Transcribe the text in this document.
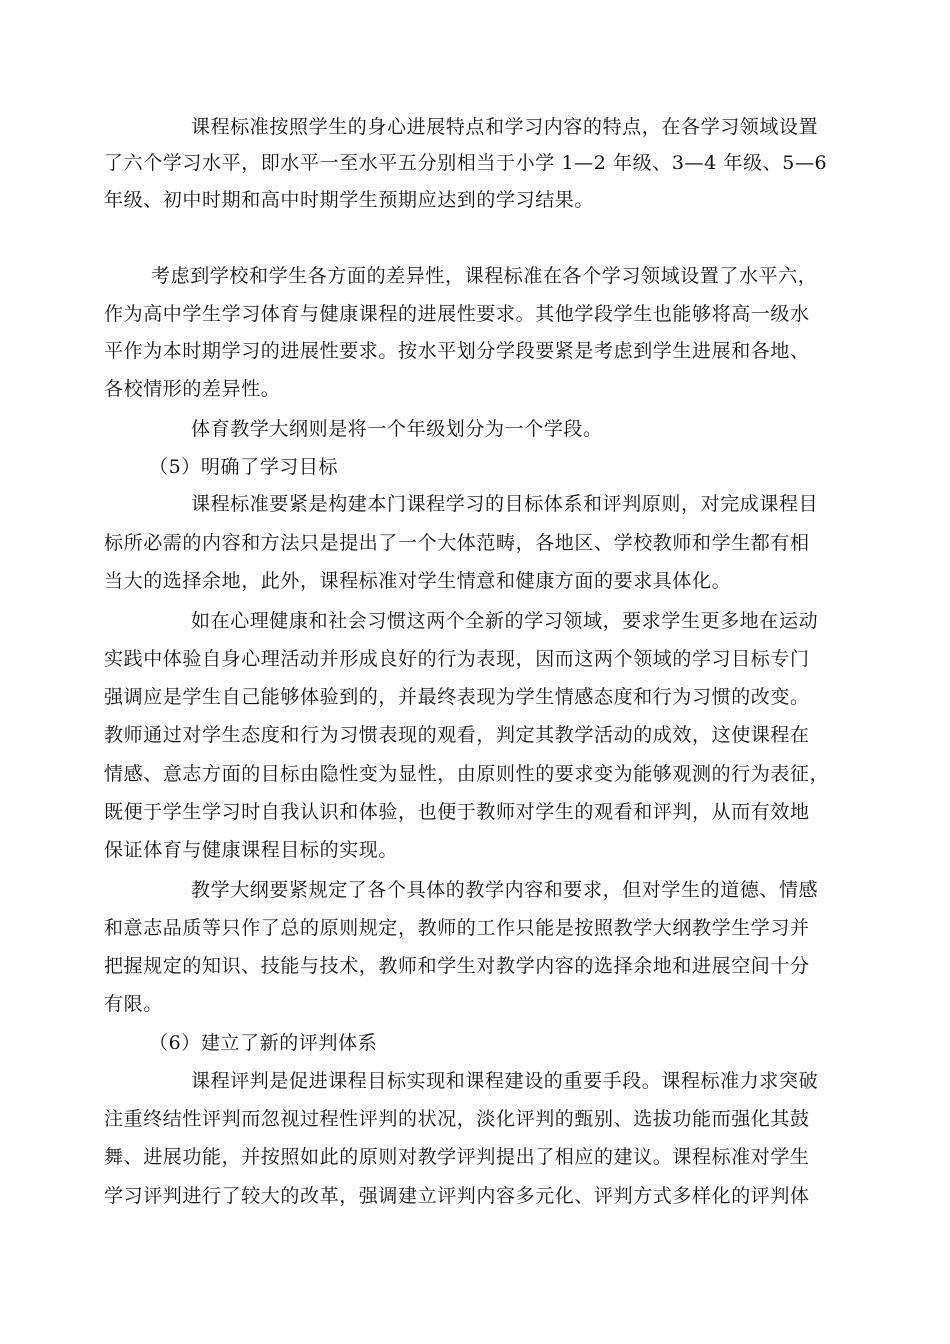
课程标准按照学生的身心进展特点和学习内容的特点，在各学习领域设置
了六个学习水平，即水平一至水平五分别相当于小学 1—2 年级、3—4 年级、5—6
年级、初中时期和高中时期学生预期应达到的学习结果。
考虑到学校和学生各方面的差异性，课程标准在各个学习领域设置了水平六，
作为高中学生学习体育与健康课程的进展性要求。其他学段学生也能够将高一级水
平作为本时期学习的进展性要求。按水平划分学段要紧是考虑到学生进展和各地、
各校情形的差异性。
体育教学大纲则是将一个年级划分为一个学段。
（5）明确了学习目标
课程标准要紧是构建本门课程学习的目标体系和评判原则，对完成课程目
标所必需的内容和方法只是提出了一个大体范畴，各地区、学校教师和学生都有相
当大的选择余地，此外，课程标准对学生情意和健康方面的要求具体化。
如在心理健康和社会习惯这两个全新的学习领域，要求学生更多地在运动
实践中体验自身心理活动并形成良好的行为表现，因而这两个领域的学习目标专门
强调应是学生自己能够体验到的，并最终表现为学生情感态度和行为习惯的改变。
教师通过对学生态度和行为习惯表现的观看，判定其教学活动的成效，这使课程在
情感、意志方面的目标由隐性变为显性，由原则性的要求变为能够观测的行为表征，
既便于学生学习时自我认识和体验，也便于教师对学生的观看和评判，从而有效地
保证体育与健康课程目标的实现。
教学大纲要紧规定了各个具体的教学内容和要求，但对学生的道德、情感
和意志品质等只作了总的原则规定，教师的工作只能是按照教学大纲教学生学习并
把握规定的知识、技能与技术，教师和学生对教学内容的选择余地和进展空间十分
有限。
（6）建立了新的评判体系
课程评判是促进课程目标实现和课程建设的重要手段。课程标准力求突破
注重终结性评判而忽视过程性评判的状况，淡化评判的甄别、选拔功能而强化其鼓
舞、进展功能，并按照如此的原则对教学评判提出了相应的建议。课程标准对学生
学习评判进行了较大的改革，强调建立评判内容多元化、评判方式多样化的评判体
